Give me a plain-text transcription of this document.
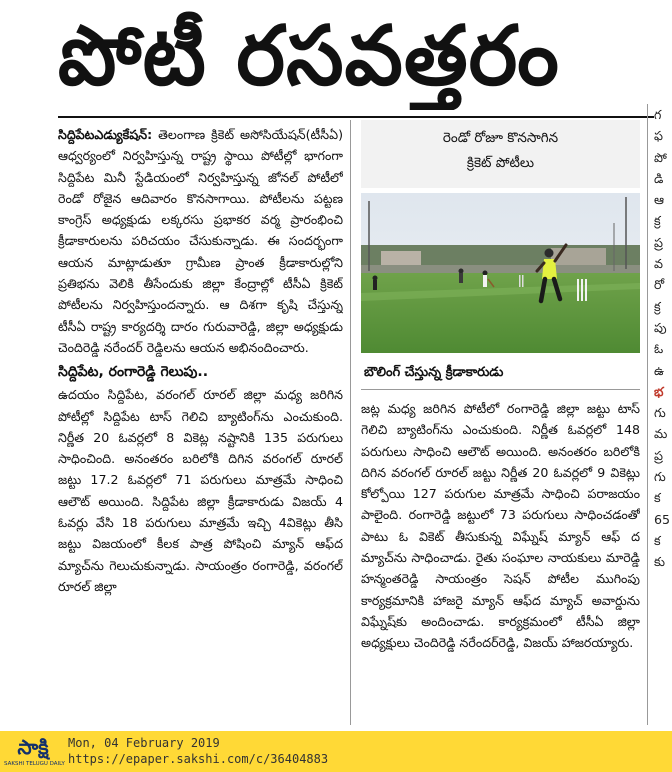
పోటీ రసవత్తరం

సిద్దిపేటఎడ్యుకేషన్‌: తెలంగాణ క్రికెట్‌ అసోసియేషన్‌(టీసీఏ) ఆధ్వర్యంలో నిర్వహిస్తున్న రాష్ట్ర స్థాయి పోటీల్లో భాగంగా సిద్దిపేట మినీ స్టేడియంలో నిర్వహిస్తున్న జోనల్‌ పోటీలో రెండో రోజైన ఆదివారం కొనసాగాయి. పోటీలను పట్టణ కాంగ్రెస్‌ అధ్యక్షుడు లక్కరసు ప్రభాకర వర్మ ప్రారంభించి క్రీడాకారులను పరిచయం చేసుకున్నాడు. ఈ సందర్భంగా ఆయన మాట్లాడుతూ గ్రామీణ ప్రాంత క్రీడాకారుల్లోని ప్రతిభను వెలికి తీసేందుకు జిల్లా కేంద్రాల్లో టీసీఏ క్రికెట్‌ పోటీలను నిర్వహిస్తుందన్నారు. ఆ దిశగా కృషి చేస్తున్న టీసీఏ రాష్ట్ర కార్యదర్శి దారం గురువారెడ్డి, జిల్లా అధ్యక్షుడు చెందిరెడ్డి నరేందర్‌ రెడ్డిలను ఆయన అభినందించారు.

సిద్దిపేట, రంగారెడ్డి గెలుపు..

ఉదయం సిద్దిపేట, వరంగల్‌ రూరల్‌ జిల్లా మధ్య జరిగిన పోటీల్లో సిద్దిపేట టాస్‌ గెలిచి బ్యాటింగ్‌ను ఎంచుకుంది. నిర్ణీత 20 ఓవర్లలో 8 వికెట్ల నష్టానికి 135 పరుగులు సాధించింది. అనంతరం బరిలోకి దిగిన వరంగల్‌ రూరల్‌ జట్టు 17.2 ఓవర్లలో 71 పరుగులు మాత్రమే సాధించి ఆలౌట్‌ అయింది. సిద్దిపేట జిల్లా క్రీడాకారుడు విజయ్‌ 4 ఓవర్లు వేసి 18 పరుగులు మాత్రమే ఇచ్చి 4వికెట్లు తీసి జట్టు విజయంలో కీలక పాత్ర పోషించి మ్యాన్‌ ఆఫ్‌ద మ్యాచ్‌ను గెలుచుకున్నాడు. సాయంత్రం రంగారెడ్డి, వరంగల్‌ రూరల్‌ జిల్లా

రెండో రోజూ కొనసాగిన
క్రికెట్‌ పోటీలు
బౌలింగ్‌ చేస్తున్న క్రీడాకారుడు

జట్ల మధ్య జరిగిన పోటీలో రంగారెడ్డి జిల్లా జట్టు టాస్‌ గెలిచి బ్యాటింగ్‌ను ఎంచుకుంది. నిర్ణీత ఓవర్లలో 148 పరుగులు సాధించి ఆలౌట్‌ అయింది. అనంతరం బరిలోకి దిగిన వరంగల్‌ రూరల్‌ జట్టు నిర్ణీత 20 ఓవర్లలో 9 వికెట్లు కోల్పోయి 127 పరుగుల మాత్రమే సాధించి పరాజయం పాలైంది. రంగారెడ్డి జట్టులో 73 పరుగులు సాధించడంతో పాటు ఓ వికెట్‌ తీసుకున్న విఘ్నేష్‌ మ్యాన్‌ ఆఫ్‌ ద మ్యాచ్‌ను సాధించాడు. రైతు సంఘాల నాయకులు మారెడ్డి హన్మంతరెడ్డి సాయంత్రం సెషన్‌ పోటీల ముగింపు కార్యక్రమానికి హాజరై మ్యాన్‌ ఆఫ్‌ద మ్యాచ్‌ అవార్డును విఘ్నేష్‌కు అందించాడు. కార్యక్రమంలో టీసీఏ జిల్లా అధ్యక్షులు చెందిరెడ్డి నరేందర్‌రెడ్డి, విజయ్‌ హాజరయ్యారు.

గ
ఫ
పో
డి
ఆ
క్ర
ప్ర
వ
రో
క్ర
పు
ఓ
ఉ
భ
గు
మ
ప్ర
గు
క
65
క
కు
సాక్షి
SAKSHI TELUGU DAILY
Mon, 04 February 2019
https://epaper.sakshi.com/c/36404883
